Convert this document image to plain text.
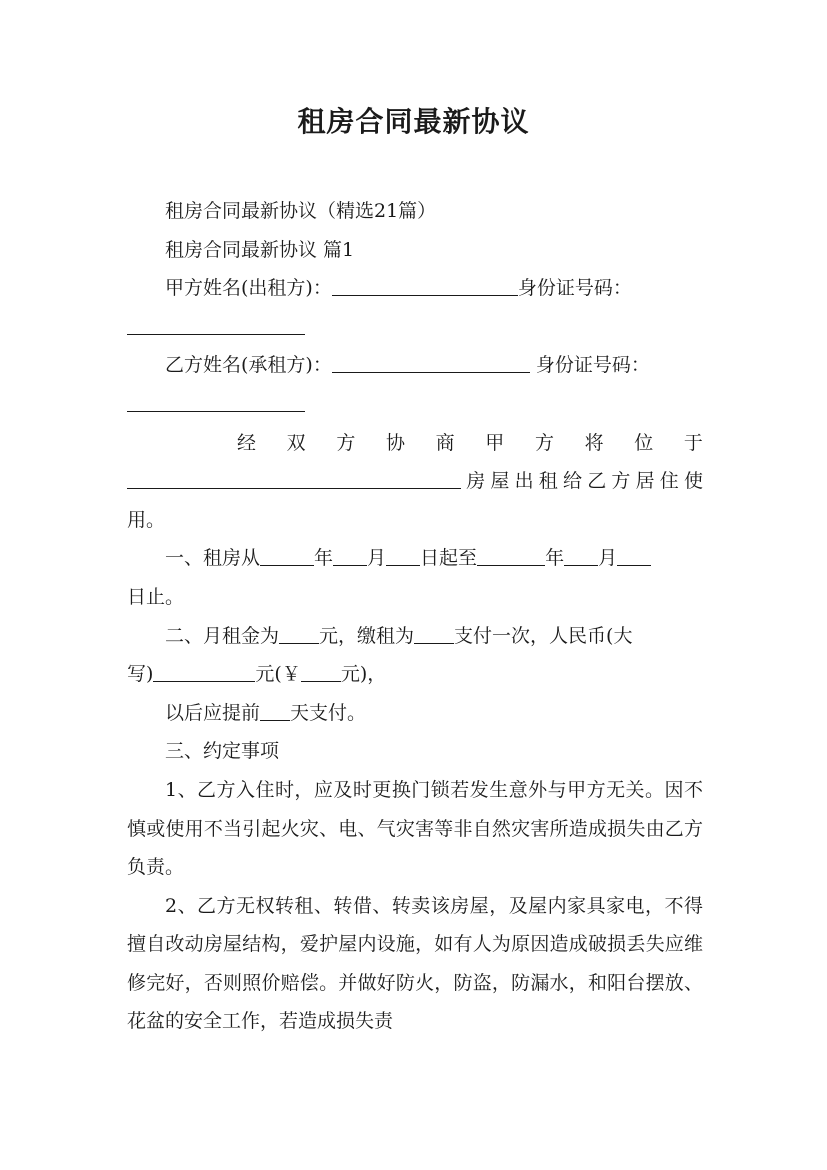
租房合同最新协议

租房合同最新协议（精选21篇）

租房合同最新协议 篇1

甲方姓名(出租方)：	身份证号码：

乙方姓名(承租方)：	身份证号码：

经 双 方 协 商 甲 方 将 位 于

房屋出租给乙方居住使

用。

一、租房从	年 月 日起至	年 月

日止。

二、月租金为 元，缴租为 支付一次，人民币(大

写)	元(￥ 元)，

以后应提前 天支付。

三、约定事项

1、乙方入住时，应及时更换门锁若发生意外与甲方无关。因不慎或使用不当引起火灾、电、气灾害等非自然灾害所造成损失由乙方负责。

2、乙方无权转租、转借、转卖该房屋，及屋内家具家电，不得擅自改动房屋结构，爱护屋内设施，如有人为原因造成破损丢失应维修完好，否则照价赔偿。并做好防火，防盗，防漏水，和阳台摆放、花盆的安全工作，若造成损失责
